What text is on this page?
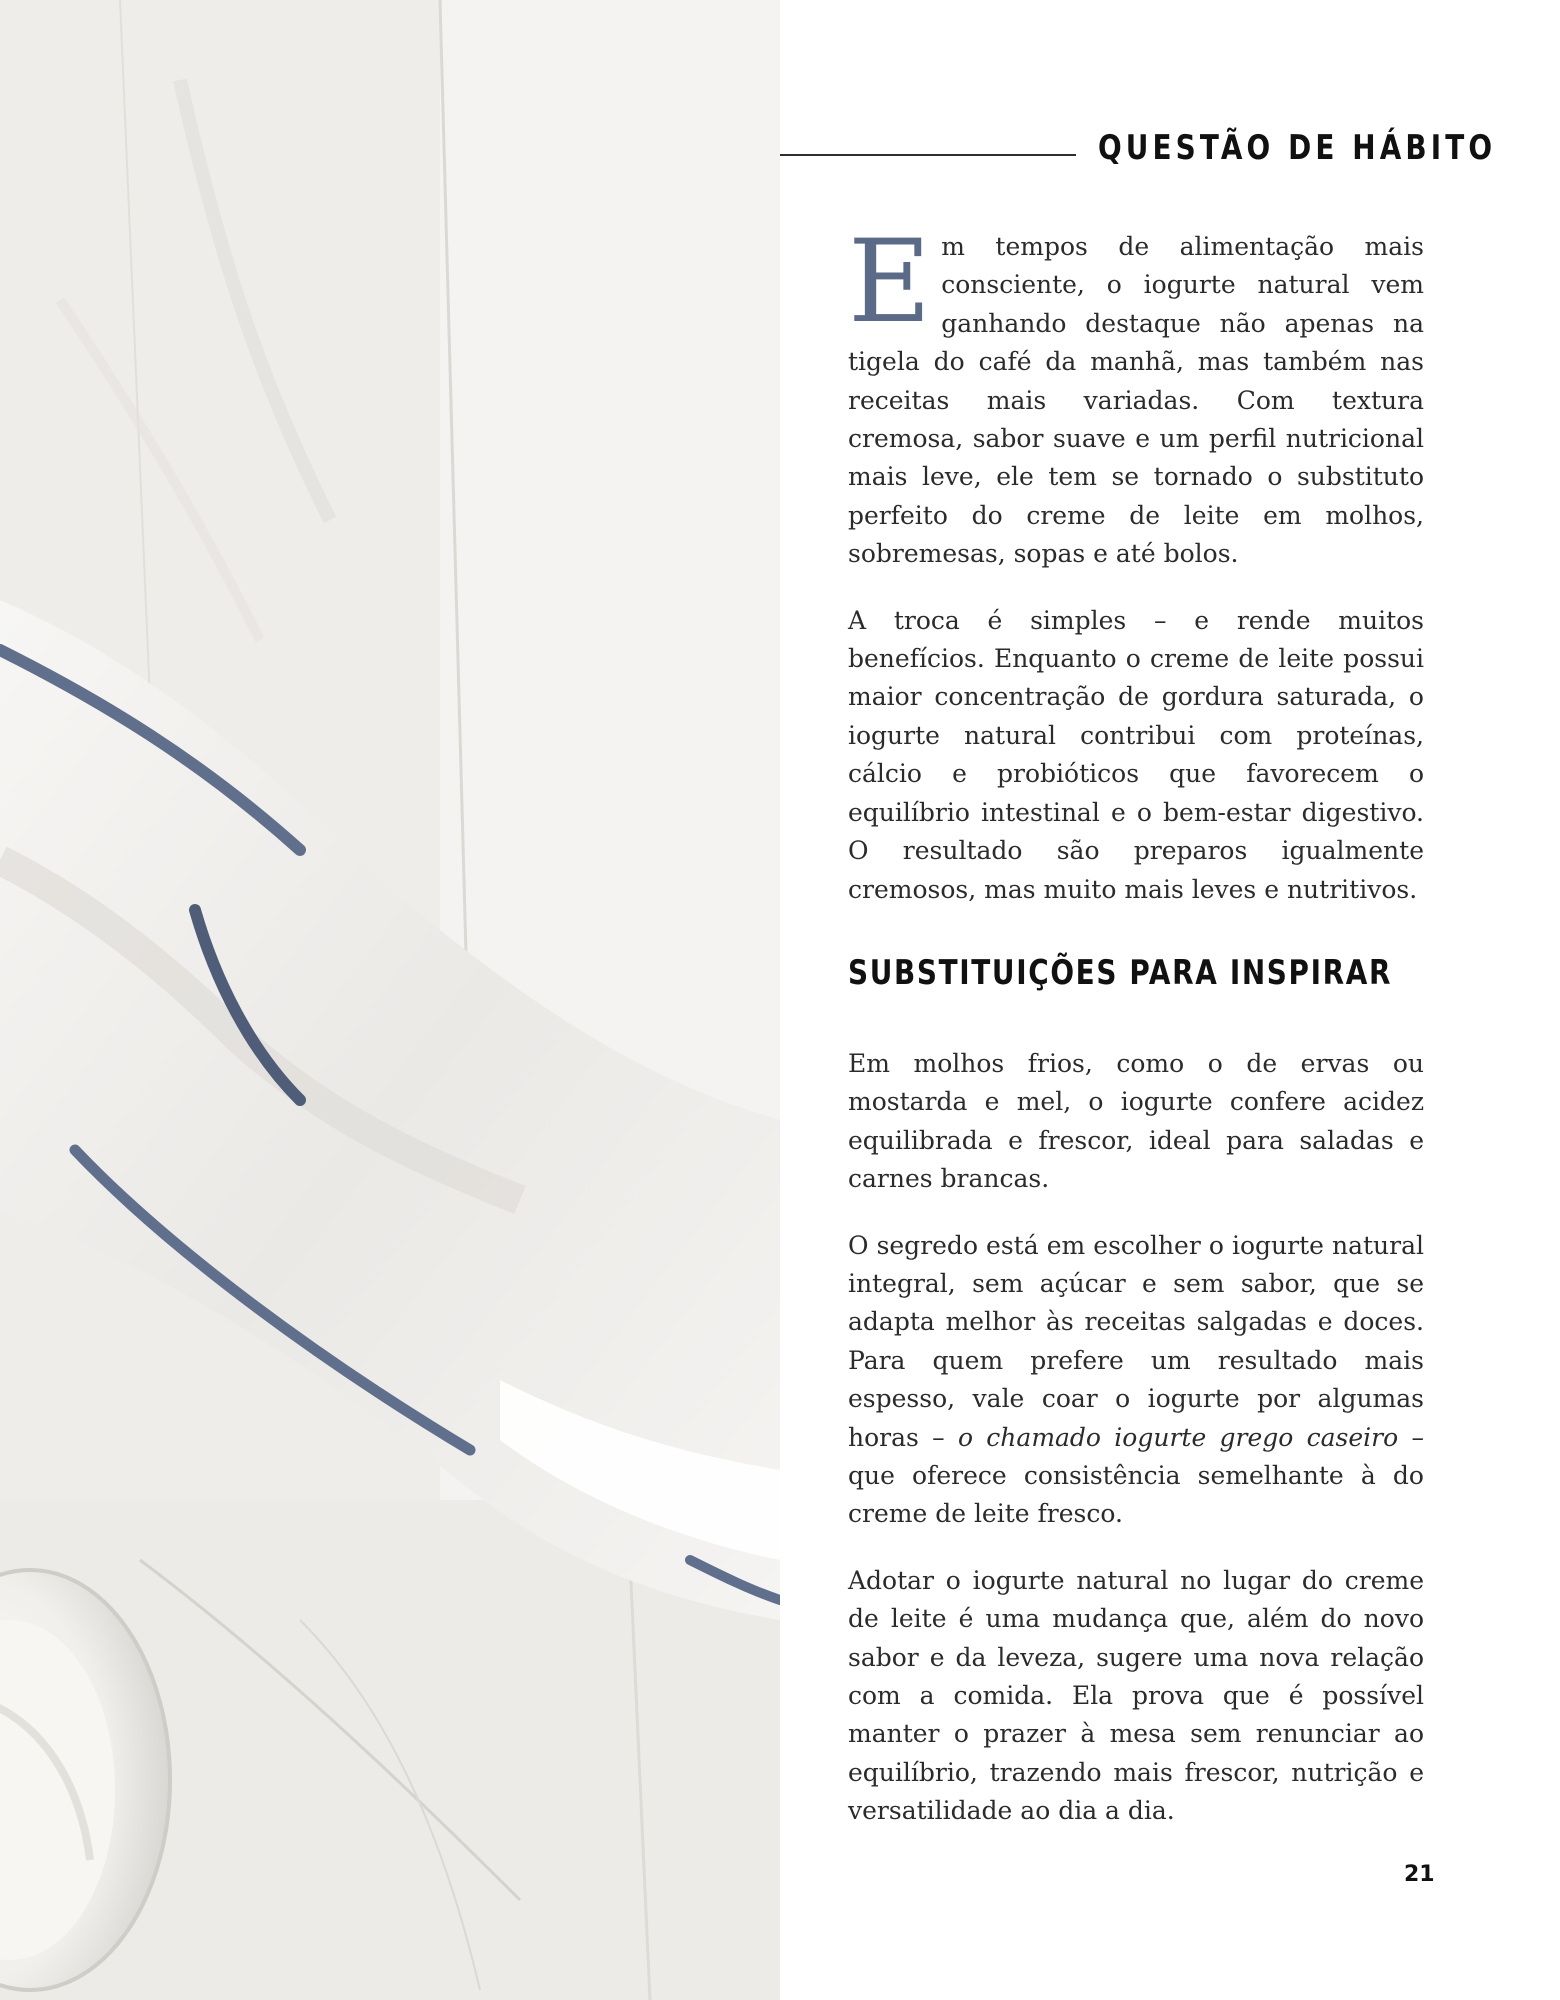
QUESTÃO DE HÁBITO

Em tempos de alimentação mais consciente, o iogurte natural vem ganhando destaque não apenas na tigela do café da manhã, mas também nas receitas mais variadas. Com textura cremosa, sabor suave e um perfil nutricional mais leve, ele tem se tornado o substituto perfeito do creme de leite em molhos, sobremesas, sopas e até bolos.

A troca é simples – e rende muitos benefícios. Enquanto o creme de leite possui maior concentração de gordura saturada, o iogurte natural contribui com proteínas, cálcio e probióticos que favorecem o equilíbrio intestinal e o bem-estar digestivo. O resultado são preparos igualmente cremosos, mas muito mais leves e nutritivos.

SUBSTITUIÇÕES PARA INSPIRAR

Em molhos frios, como o de ervas ou mostarda e mel, o iogurte confere acidez equilibrada e frescor, ideal para saladas e carnes brancas.

O segredo está em escolher o iogurte natural integral, sem açúcar e sem sabor, que se adapta melhor às receitas salgadas e doces. Para quem prefere um resultado mais espesso, vale coar o iogurte por algumas horas – o chamado iogurte grego caseiro – que oferece consistência semelhante à do creme de leite fresco.

Adotar o iogurte natural no lugar do creme de leite é uma mudança que, além do novo sabor e da leveza, sugere uma nova relação com a comida. Ela prova que é possível manter o prazer à mesa sem renunciar ao equilíbrio, trazendo mais frescor, nutrição e versatilidade ao dia a dia.

21
